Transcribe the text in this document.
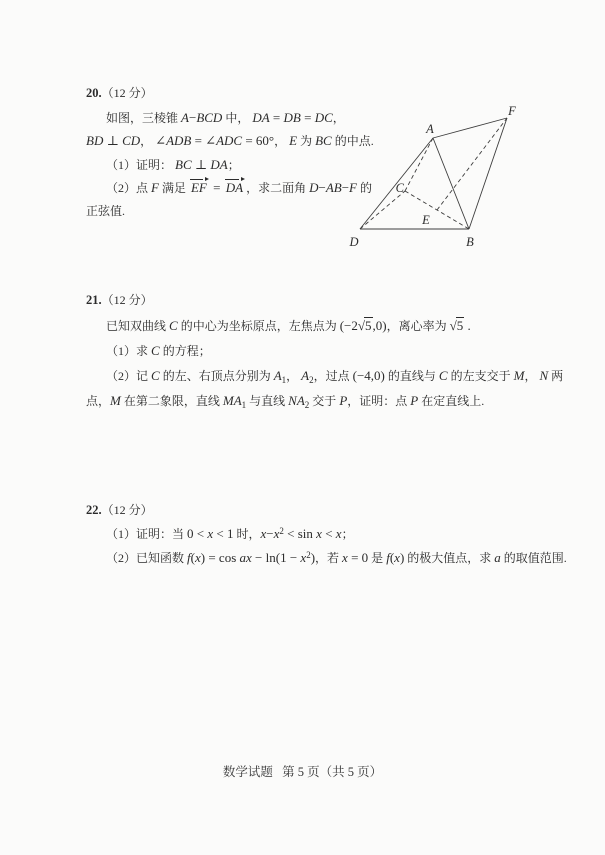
20.（12 分）
如图，三棱锥 A−BCD 中， DA = DB = DC，
BD ⊥ CD， ∠ADB = ∠ADC = 60°， E 为 BC 的中点.
（1）证明： BC ⊥ DA；
（2）点 F 满足 EF = DA ，求二面角 D−AB−F 的
正弦值.
A
F
C
E
D	B
21.（12 分）
已知双曲线 C 的中心为坐标原点，左焦点为 (−2√5,0)，离心率为 √5 .
（1）求 C 的方程；
（2）记 C 的左、右顶点分别为 $A_1$， $A_2$，过点 (−4,0) 的直线与 C 的左支交于 M， N 两
点，M 在第二象限，直线 $MA_1$ 与直线 $NA_2$ 交于 P，证明：点 P 在定直线上.
22.（12 分）
（1）证明：当 0 < x < 1 时，$x-x^2 < \sin x < x$；
（2）已知函数 f(x) = cos ax − $\ln(1 - x^2)$，若 x = 0 是 f(x) 的极大值点，求 a 的取值范围.
数学试题 第 5 页（共 5 页）
